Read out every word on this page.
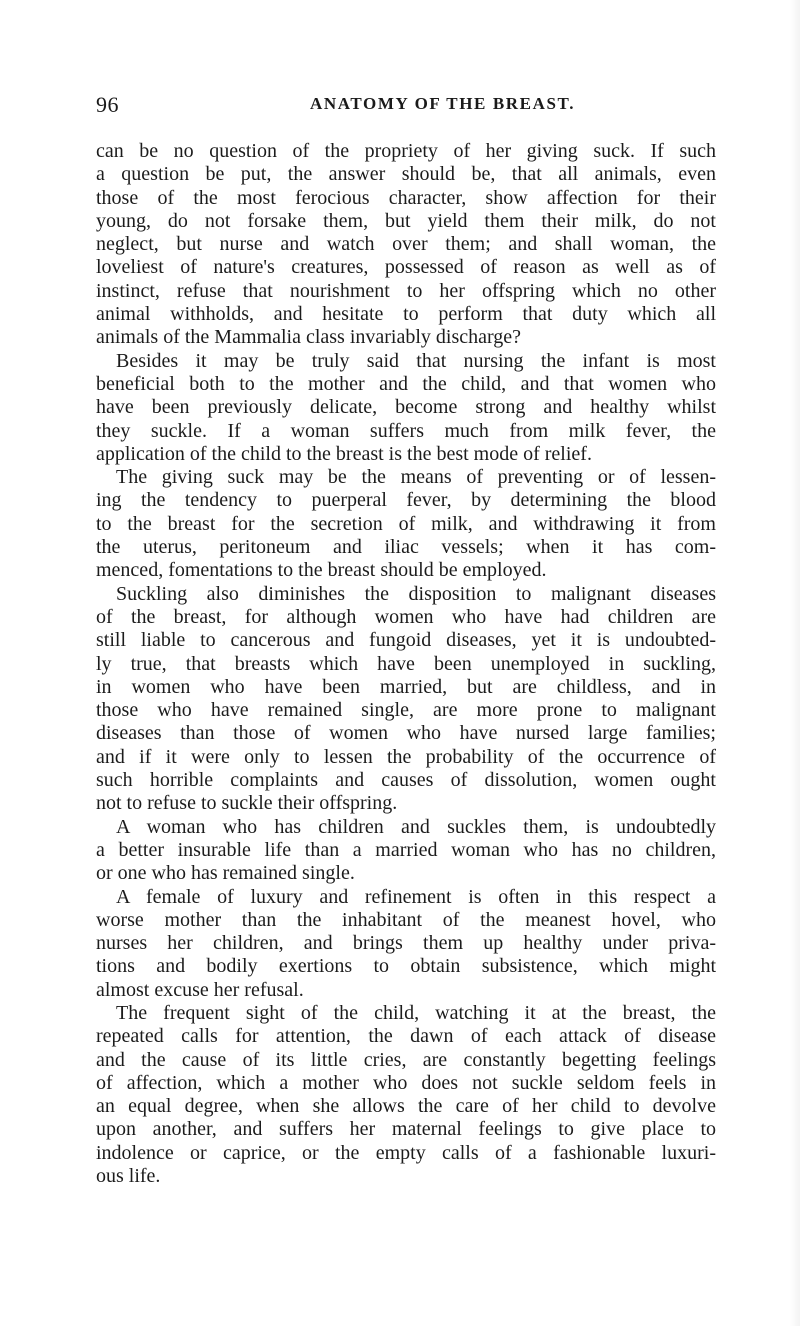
96	ANATOMY OF THE BREAST.
can be no question of the propriety of her giving suck. If such
a question be put, the answer should be, that all animals, even
those of the most ferocious character, show affection for their
young, do not forsake them, but yield them their milk, do not
neglect, but nurse and watch over them; and shall woman, the
loveliest of nature's creatures, possessed of reason as well as of
instinct, refuse that nourishment to her offspring which no other
animal withholds, and hesitate to perform that duty which all
animals of the Mammalia class invariably discharge?
Besides it may be truly said that nursing the infant is most
beneficial both to the mother and the child, and that women who
have been previously delicate, become strong and healthy whilst
they suckle. If a woman suffers much from milk fever, the
application of the child to the breast is the best mode of relief.
The giving suck may be the means of preventing or of lessen-
ing the tendency to puerperal fever, by determining the blood
to the breast for the secretion of milk, and withdrawing it from
the uterus, peritoneum and iliac vessels; when it has com-
menced, fomentations to the breast should be employed.
Suckling also diminishes the disposition to malignant diseases
of the breast, for although women who have had children are
still liable to cancerous and fungoid diseases, yet it is undoubted-
ly true, that breasts which have been unemployed in suckling,
in women who have been married, but are childless, and in
those who have remained single, are more prone to malignant
diseases than those of women who have nursed large families;
and if it were only to lessen the probability of the occurrence of
such horrible complaints and causes of dissolution, women ought
not to refuse to suckle their offspring.
A woman who has children and suckles them, is undoubtedly
a better insurable life than a married woman who has no children,
or one who has remained single.
A female of luxury and refinement is often in this respect a
worse mother than the inhabitant of the meanest hovel, who
nurses her children, and brings them up healthy under priva-
tions and bodily exertions to obtain subsistence, which might
almost excuse her refusal.
The frequent sight of the child, watching it at the breast, the
repeated calls for attention, the dawn of each attack of disease
and the cause of its little cries, are constantly begetting feelings
of affection, which a mother who does not suckle seldom feels in
an equal degree, when she allows the care of her child to devolve
upon another, and suffers her maternal feelings to give place to
indolence or caprice, or the empty calls of a fashionable luxuri-
ous life.
